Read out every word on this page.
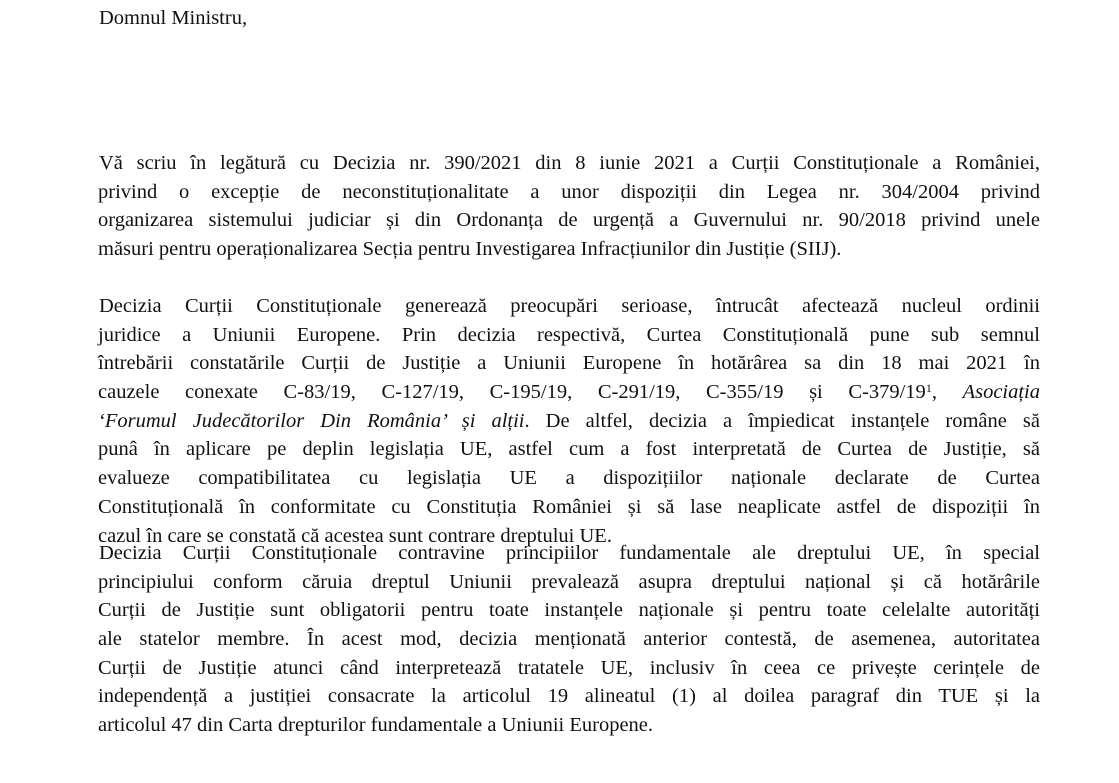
Domnul Ministru,
Vă scriu în legătură cu Decizia nr. 390/2021 din 8 iunie 2021 a Curții Constituționale a României,
privind o excepție de neconstituționalitate a unor dispoziții din Legea nr. 304/2004 privind
organizarea sistemului judiciar și din Ordonanța de urgență a Guvernului nr. 90/2018 privind unele
măsuri pentru operaționalizarea Secția pentru Investigarea Infracțiunilor din Justiție (SIIJ).
Decizia Curții Constituționale generează preocupări serioase, întrucât afectează nucleul ordinii
juridice a Uniunii Europene. Prin decizia respectivă, Curtea Constituțională pune sub semnul
întrebării constatările Curții de Justiție a Uniunii Europene în hotărârea sa din 18 mai 2021 în
cauzele conexate C-83/19, C-127/19, C-195/19, C-291/19, C-355/19 și $C-379/19^1$, Asociația
‘Forumul Judecătorilor Din România’ și alții. De altfel, decizia a împiedicat instanțele române să
punâ în aplicare pe deplin legislația UE, astfel cum a fost interpretată de Curtea de Justiție, să
evalueze compatibilitatea cu legislația UE a dispozițiilor naționale declarate de Curtea
Constituțională în conformitate cu Constituția României și să lase neaplicate astfel de dispoziții în
cazul în care se constată că acestea sunt contrare dreptului UE.
Decizia Curții Constituționale contravine principiilor fundamentale ale dreptului UE, în special
principiului conform căruia dreptul Uniunii prevalează asupra dreptului național și că hotărârile
Curții de Justiție sunt obligatorii pentru toate instanțele naționale și pentru toate celelalte autorități
ale statelor membre. În acest mod, decizia menționată anterior contestă, de asemenea, autoritatea
Curții de Justiție atunci când interpretează tratatele UE, inclusiv în ceea ce privește cerințele de
independență a justiției consacrate la articolul 19 alineatul (1) al doilea paragraf din TUE și la
articolul 47 din Carta drepturilor fundamentale a Uniunii Europene.
